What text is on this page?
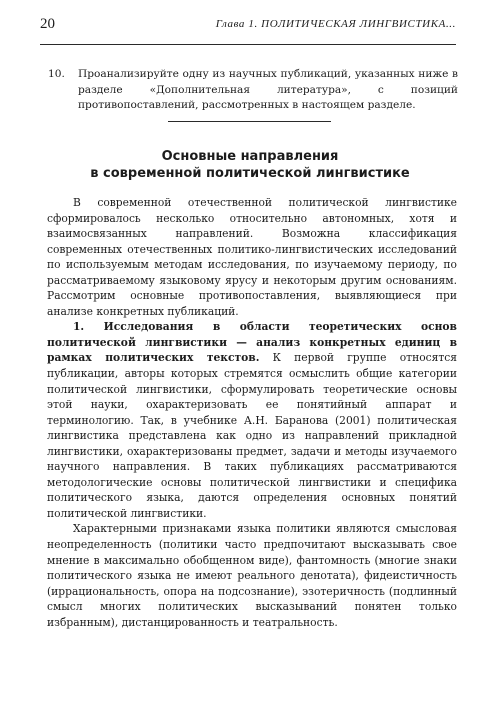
20	Глава 1. ПОЛИТИЧЕСКАЯ ЛИНГВИСТИКА...
10.	Проанализируйте одну из научных публикаций, указанных ниже в разделе «Дополнительная литература», с позиций противопоставлений, рассмотренных в настоящем разделе.
Основные направления
в современной политической лингвистике

В современной отечественной политической лингвистике сформировалось несколько относительно автономных, хотя и взаимосвязанных направлений. Возможна классификация современных отечественных политико-лингвистических исследований по используемым методам исследования, по изучаемому периоду, по рассматриваемому языковому ярусу и некоторым другим основаниям. Рассмотрим основные противопоставления, выявляющиеся при анализе конкретных публикаций.

1. Исследования в области теоретических основ политической лингвистики — анализ конкретных единиц в рамках политических текстов. К первой группе относятся публикации, авторы которых стремятся осмыслить общие категории политической лингвистики, сформулировать теоретические основы этой науки, охарактеризовать ее понятийный аппарат и терминологию. Так, в учебнике А.Н. Баранова (2001) политическая лингвистика представлена как одно из направлений прикладной лингвистики, охарактеризованы предмет, задачи и методы изучаемого научного направления. В таких публикациях рассматриваются методологические основы политической лингвистики и специфика политического языка, даются определения основных понятий политической лингвистики.

Характерными признаками языка политики являются смысловая неопределенность (политики часто предпочитают высказывать свое мнение в максимально обобщенном виде), фантомность (многие знаки политического языка не имеют реального денотата), фидеистичность (иррациональность, опора на подсознание), эзотеричность (подлинный смысл многих политических высказываний понятен только избранным), дистанцированность и театральность.
